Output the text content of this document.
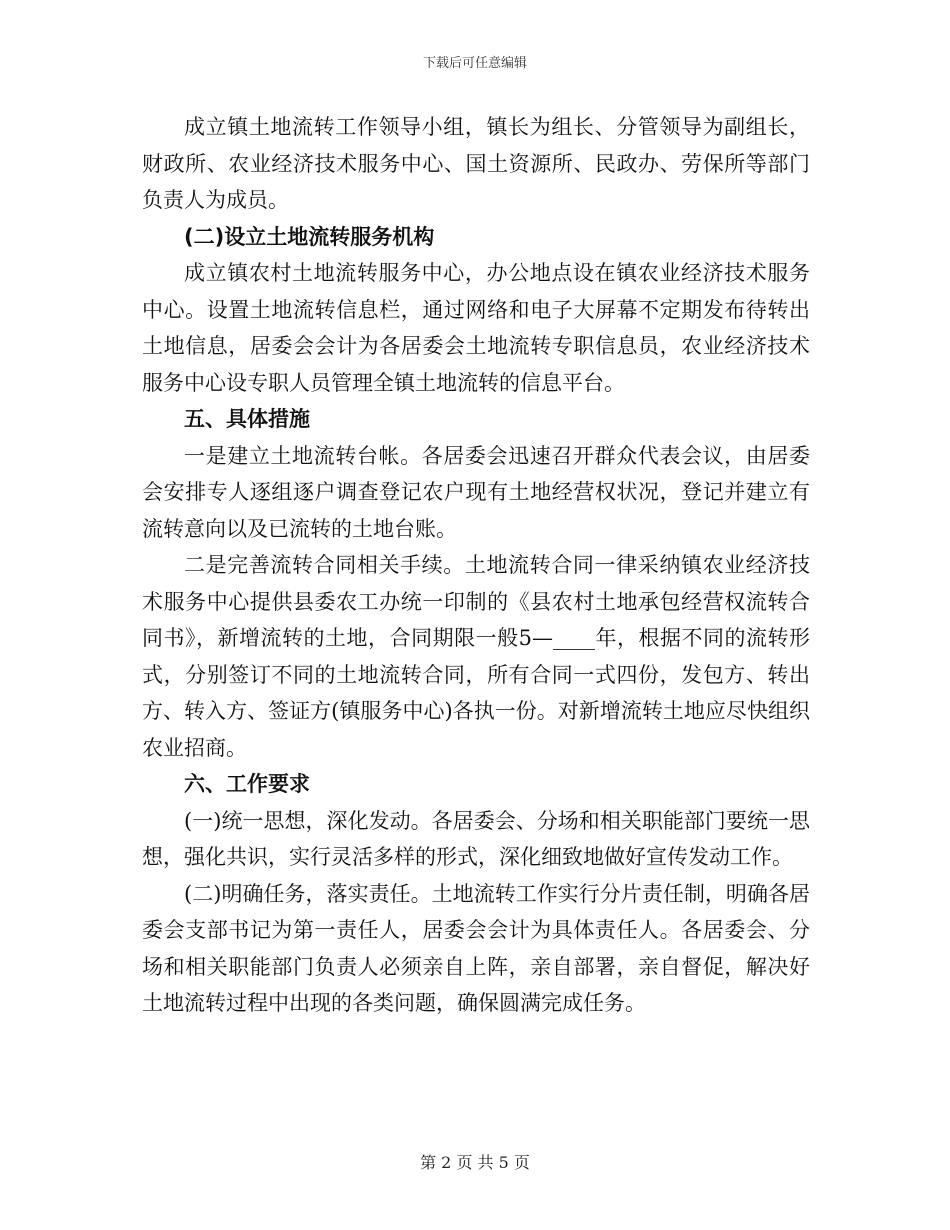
下载后可任意编辑

成立镇土地流转工作领导小组，镇长为组长、分管领导为副组长，财政所、农业经济技术服务中心、国土资源所、民政办、劳保所等部门负责人为成员。

(二)设立土地流转服务机构

成立镇农村土地流转服务中心，办公地点设在镇农业经济技术服务中心。设置土地流转信息栏，通过网络和电子大屏幕不定期发布待转出土地信息，居委会会计为各居委会土地流转专职信息员，农业经济技术服务中心设专职人员管理全镇土地流转的信息平台。

五、具体措施

一是建立土地流转台帐。各居委会迅速召开群众代表会议，由居委会安排专人逐组逐户调查登记农户现有土地经营权状况，登记并建立有流转意向以及已流转的土地台账。

二是完善流转合同相关手续。土地流转合同一律采纳镇农业经济技术服务中心提供县委农工办统一印制的《县农村土地承包经营权流转合同书》，新增流转的土地，合同期限一般5—____年，根据不同的流转形式，分别签订不同的土地流转合同，所有合同一式四份，发包方、转出方、转入方、签证方(镇服务中心)各执一份。对新增流转土地应尽快组织农业招商。

六、工作要求

(一)统一思想，深化发动。各居委会、分场和相关职能部门要统一思想，强化共识，实行灵活多样的形式，深化细致地做好宣传发动工作。

(二)明确任务，落实责任。土地流转工作实行分片责任制，明确各居委会支部书记为第一责任人，居委会会计为具体责任人。各居委会、分场和相关职能部门负责人必须亲自上阵，亲自部署，亲自督促，解决好土地流转过程中出现的各类问题，确保圆满完成任务。

第 2 页 共 5 页
